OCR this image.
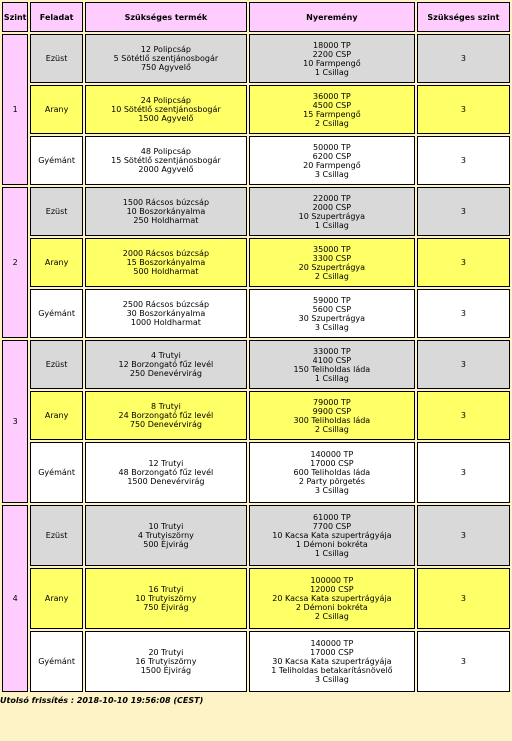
Szint	Feladat	Szükséges termék	Nyeremény	Szükséges szint
1	Ezüst	12 Polipcsáp
5 Sötétlő szentjánosbogár
750 Agyvelő	18000 TP
2200 CSP
10 Farmpengő
1 Csillag	3
	Arany	24 Polipcsáp
10 Sötétlő szentjánosbogár
1500 Agyvelő	36000 TP
4500 CSP
15 Farmpengő
2 Csillag	3
	Gyémánt	48 Polipcsáp
15 Sötétlő szentjánosbogár
2000 Agyvelő	50000 TP
6200 CSP
20 Farmpengő
3 Csillag	3
2	Ezüst	1500 Rácsos búzcsáp
10 Boszorkányalma
250 Holdharmat	22000 TP
2000 CSP
10 Szupertrágya
1 Csillag	3
	Arany	2000 Rácsos búzcsáp
15 Boszorkányalma
500 Holdharmat	35000 TP
3300 CSP
20 Szupertrágya
2 Csillag	3
	Gyémánt	2500 Rácsos búzcsáp
30 Boszorkányalma
1000 Holdharmat	59000 TP
5600 CSP
30 Szupertrágya
3 Csillag	3
3	Ezüst	4 Trutyi
12 Borzongató fűz levél
250 Denevérvirág	33000 TP
4100 CSP
150 Teliholdas láda
1 Csillag	3
	Arany	8 Trutyi
24 Borzongató fűz levél
750 Denevérvirág	79000 TP
9900 CSP
300 Teliholdas láda
2 Csillag	3
	Gyémánt	12 Trutyi
48 Borzongató fűz levél
1500 Denevérvirág	140000 TP
17000 CSP
600 Teliholdas láda
2 Party pörgetés
3 Csillag	3
4	Ezüst	10 Trutyi
4 Trutyiszörny
500 Éjvirág	61000 TP
7700 CSP
10 Kacsa Kata szupertrágyája
1 Démoni bokréta
1 Csillag	3
	Arany	16 Trutyi
10 Trutyiszörny
750 Éjvirág	100000 TP
12000 CSP
20 Kacsa Kata szupertrágyája
2 Démoni bokréta
2 Csillag	3
	Gyémánt	20 Trutyi
16 Trutyiszörny
1500 Éjvirág	140000 TP
17000 CSP
30 Kacsa Kata szupertrágyája
1 Teliholdas betakarításnövelő
3 Csillag	3
Utolsó frissítés : 2018-10-10 19:56:08 (CEST)
